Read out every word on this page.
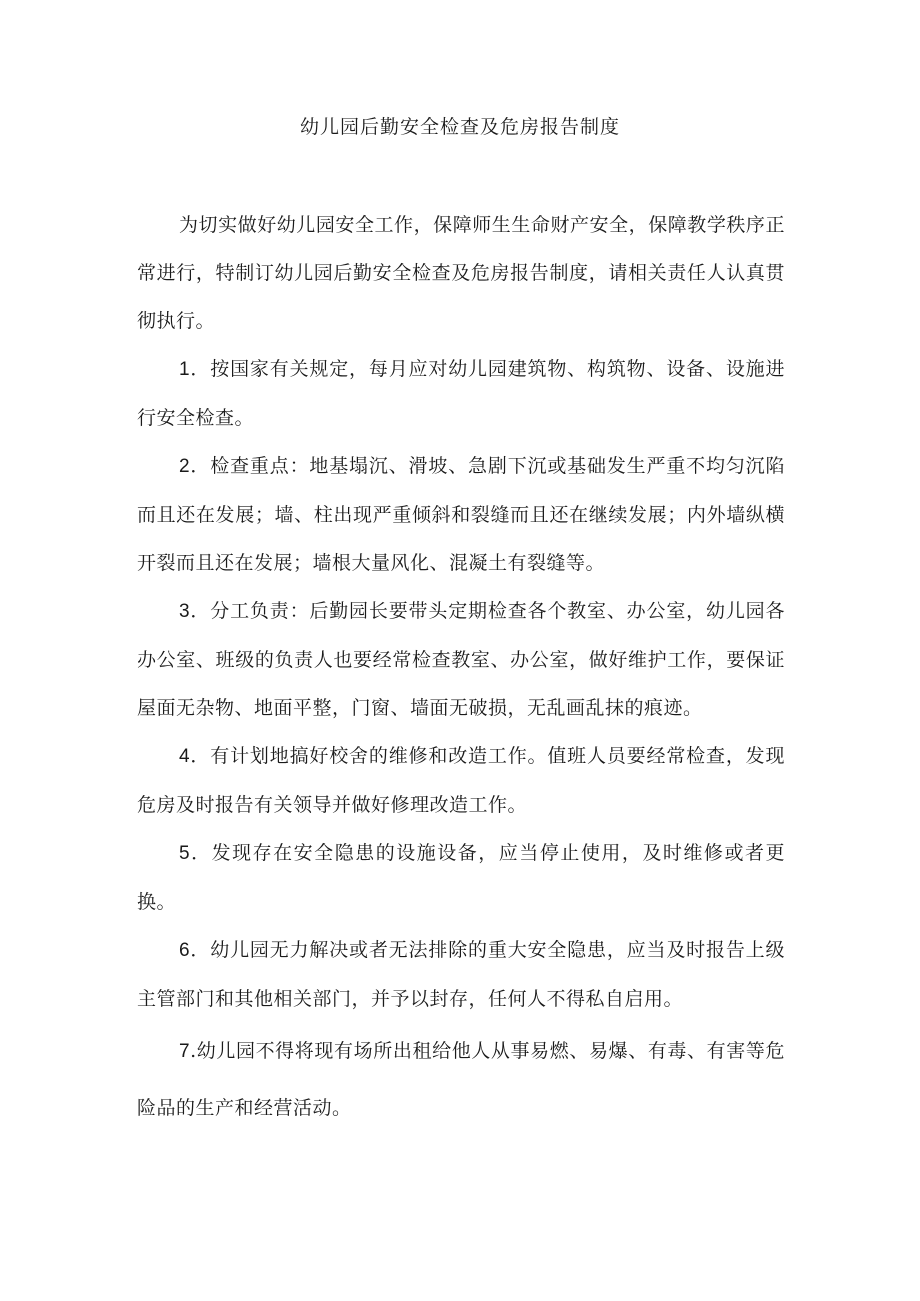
幼儿园后勤安全检查及危房报告制度

为切实做好幼儿园安全工作，保障师生生命财产安全，保障教学秩序正常进行，特制订幼儿园后勤安全检查及危房报告制度，请相关责任人认真贯彻执行。

1．按国家有关规定，每月应对幼儿园建筑物、构筑物、设备、设施进行安全检查。

2．检查重点：地基塌沉、滑坡、急剧下沉或基础发生严重不均匀沉陷而且还在发展；墙、柱出现严重倾斜和裂缝而且还在继续发展；内外墙纵横开裂而且还在发展；墙根大量风化、混凝土有裂缝等。

3．分工负责：后勤园长要带头定期检查各个教室、办公室，幼儿园各办公室、班级的负责人也要经常检查教室、办公室，做好维护工作，要保证屋面无杂物、地面平整，门窗、墙面无破损，无乱画乱抹的痕迹。

4．有计划地搞好校舍的维修和改造工作。值班人员要经常检查，发现危房及时报告有关领导并做好修理改造工作。

5．发现存在安全隐患的设施设备，应当停止使用，及时维修或者更换。

6．幼儿园无力解决或者无法排除的重大安全隐患，应当及时报告上级主管部门和其他相关部门，并予以封存，任何人不得私自启用。

7.幼儿园不得将现有场所出租给他人从事易燃、易爆、有毒、有害等危险品的生产和经营活动。
